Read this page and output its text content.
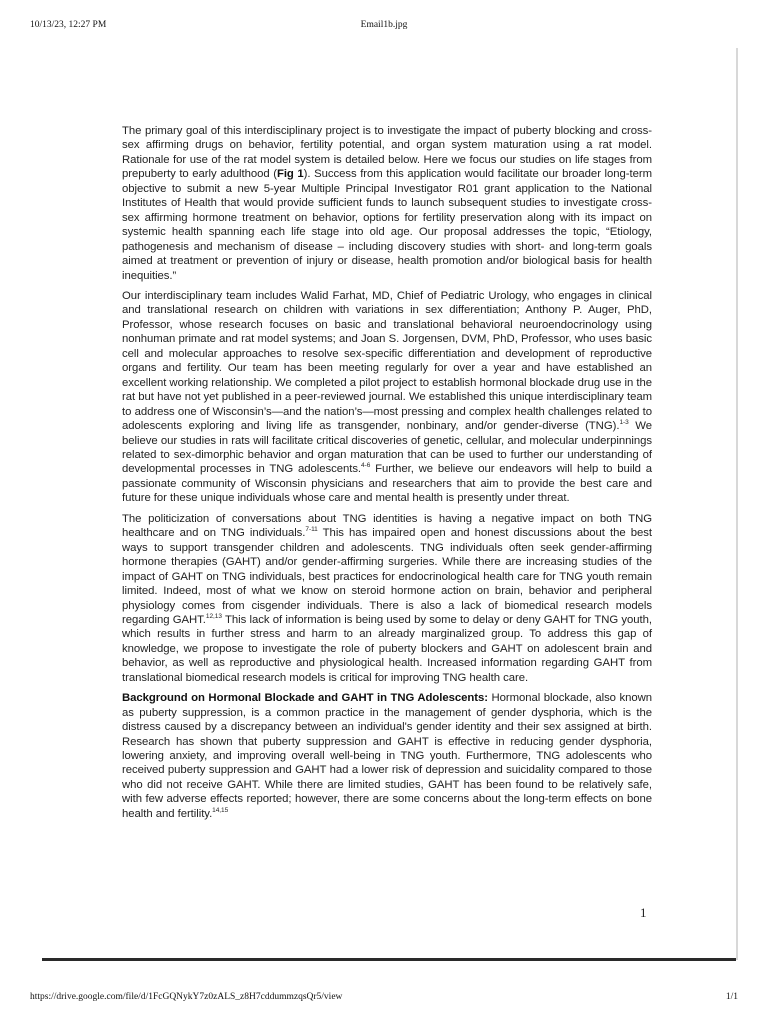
10/13/23, 12:27 PM	Email1b.jpg

The primary goal of this interdisciplinary project is to investigate the impact of puberty blocking and cross-sex affirming drugs on behavior, fertility potential, and organ system maturation using a rat model. Rationale for use of the rat model system is detailed below. Here we focus our studies on life stages from prepuberty to early adulthood (Fig 1). Success from this application would facilitate our broader long-term objective to submit a new 5-year Multiple Principal Investigator R01 grant application to the National Institutes of Health that would provide sufficient funds to launch subsequent studies to investigate cross-sex affirming hormone treatment on behavior, options for fertility preservation along with its impact on systemic health spanning each life stage into old age. Our proposal addresses the topic, “Etiology, pathogenesis and mechanism of disease – including discovery studies with short- and long-term goals aimed at treatment or prevention of injury or disease, health promotion and/or biological basis for health inequities.”

Our interdisciplinary team includes Walid Farhat, MD, Chief of Pediatric Urology, who engages in clinical and translational research on children with variations in sex differentiation; Anthony P. Auger, PhD, Professor, whose research focuses on basic and translational behavioral neuroendocrinology using nonhuman primate and rat model systems; and Joan S. Jorgensen, DVM, PhD, Professor, who uses basic cell and molecular approaches to resolve sex-specific differentiation and development of reproductive organs and fertility. Our team has been meeting regularly for over a year and have established an excellent working relationship. We completed a pilot project to establish hormonal blockade drug use in the rat but have not yet published in a peer-reviewed journal. We established this unique interdisciplinary team to address one of Wisconsin’s—and the nation’s—most pressing and complex health challenges related to adolescents exploring and living life as transgender, nonbinary, and/or gender-diverse (TNG).$^{1-3}$ We believe our studies in rats will facilitate critical discoveries of genetic, cellular, and molecular underpinnings related to sex-dimorphic behavior and organ maturation that can be used to further our understanding of developmental processes in TNG adolescents.$^{4-6}$ Further, we believe our endeavors will help to build a passionate community of Wisconsin physicians and researchers that aim to provide the best care and future for these unique individuals whose care and mental health is presently under threat.

The politicization of conversations about TNG identities is having a negative impact on both TNG healthcare and on TNG individuals.$^{7-11}$ This has impaired open and honest discussions about the best ways to support transgender children and adolescents. TNG individuals often seek gender-affirming hormone therapies (GAHT) and/or gender-affirming surgeries. While there are increasing studies of the impact of GAHT on TNG individuals, best practices for endocrinological health care for TNG youth remain limited. Indeed, most of what we know on steroid hormone action on brain, behavior and peripheral physiology comes from cisgender individuals. There is also a lack of biomedical research models regarding GAHT.$^{12,13}$ This lack of information is being used by some to delay or deny GAHT for TNG youth, which results in further stress and harm to an already marginalized group. To address this gap of knowledge, we propose to investigate the role of puberty blockers and GAHT on adolescent brain and behavior, as well as reproductive and physiological health. Increased information regarding GAHT from translational biomedical research models is critical for improving TNG health care.

Background on Hormonal Blockade and GAHT in TNG Adolescents: Hormonal blockade, also known as puberty suppression, is a common practice in the management of gender dysphoria, which is the distress caused by a discrepancy between an individual's gender identity and their sex assigned at birth. Research has shown that puberty suppression and GAHT is effective in reducing gender dysphoria, lowering anxiety, and improving overall well-being in TNG youth. Furthermore, TNG adolescents who received puberty suppression and GAHT had a lower risk of depression and suicidality compared to those who did not receive GAHT. While there are limited studies, GAHT has been found to be relatively safe, with few adverse effects reported; however, there are some concerns about the long-term effects on bone health and fertility.$^{14,15}$

1
https://drive.google.com/file/d/1FcGQNykY7z0zALS_z8H7cddummzqsQr5/view	1/1
